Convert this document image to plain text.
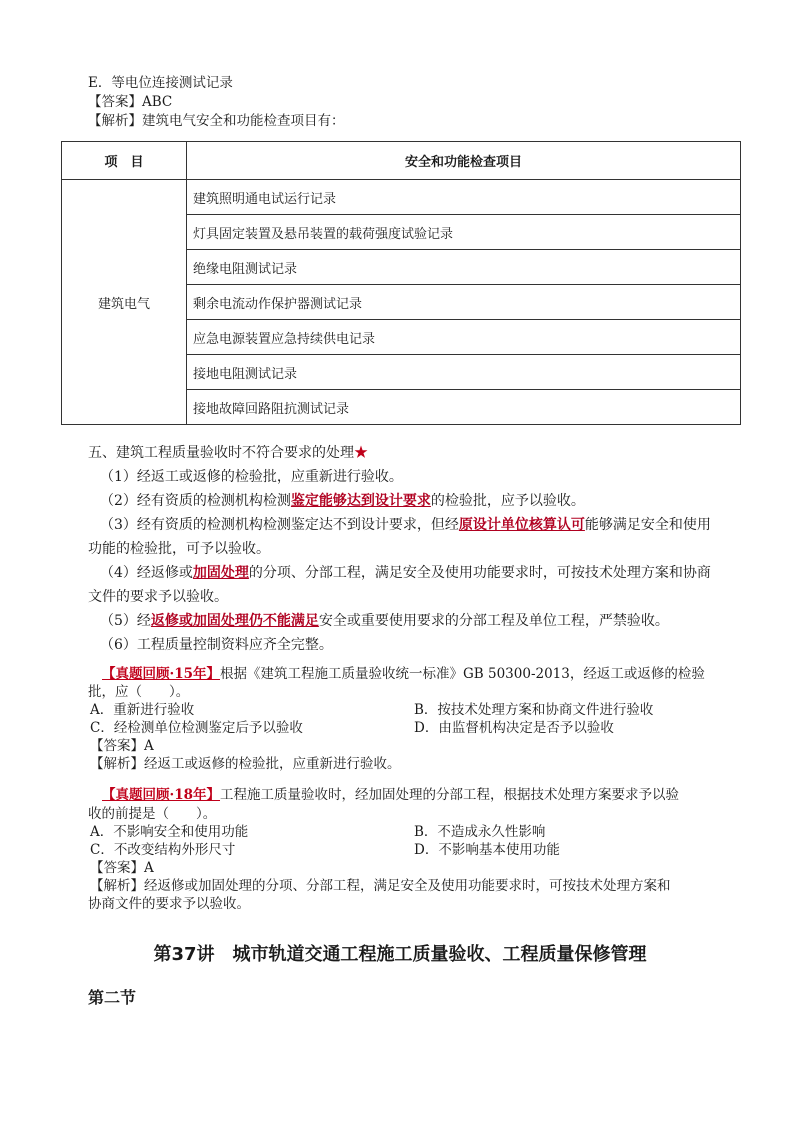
E．等电位连接测试记录
【答案】ABC
【解析】建筑电气安全和功能检查项目有：
项　目	安全和功能检查项目
建筑电气	建筑照明通电试运行记录
	灯具固定装置及悬吊装置的载荷强度试验记录
	绝缘电阻测试记录
	剩余电流动作保护器测试记录
	应急电源装置应急持续供电记录
	接地电阻测试记录
	接地故障回路阻抗测试记录
五、建筑工程质量验收时不符合要求的处理★
（1）经返工或返修的检验批，应重新进行验收。
（2）经有资质的检测机构检测鉴定能够达到设计要求的检验批，应予以验收。
（3）经有资质的检测机构检测鉴定达不到设计要求，但经原设计单位核算认可能够满足安全和使用
功能的检验批，可予以验收。
（4）经返修或加固处理的分项、分部工程，满足安全及使用功能要求时，可按技术处理方案和协商
文件的要求予以验收。
（5）经返修或加固处理仍不能满足安全或重要使用要求的分部工程及单位工程，严禁验收。
（6）工程质量控制资料应齐全完整。
【真题回顾·15年】根据《建筑工程施工质量验收统一标准》GB 50300-2013，经返工或返修的检验
批，应（　　）。
A．重新进行验收	B．按技术处理方案和协商文件进行验收
C．经检测单位检测鉴定后予以验收	D．由监督机构决定是否予以验收
【答案】A
【解析】经返工或返修的检验批，应重新进行验收。
【真题回顾·18年】工程施工质量验收时，经加固处理的分部工程，根据技术处理方案要求予以验
收的前提是（　　）。
A．不影响安全和使用功能	B．不造成永久性影响
C．不改变结构外形尺寸	D．不影响基本使用功能
【答案】A
【解析】经返修或加固处理的分项、分部工程，满足安全及使用功能要求时，可按技术处理方案和
协商文件的要求予以验收。
第37讲　城市轨道交通工程施工质量验收、工程质量保修管理
第二节
